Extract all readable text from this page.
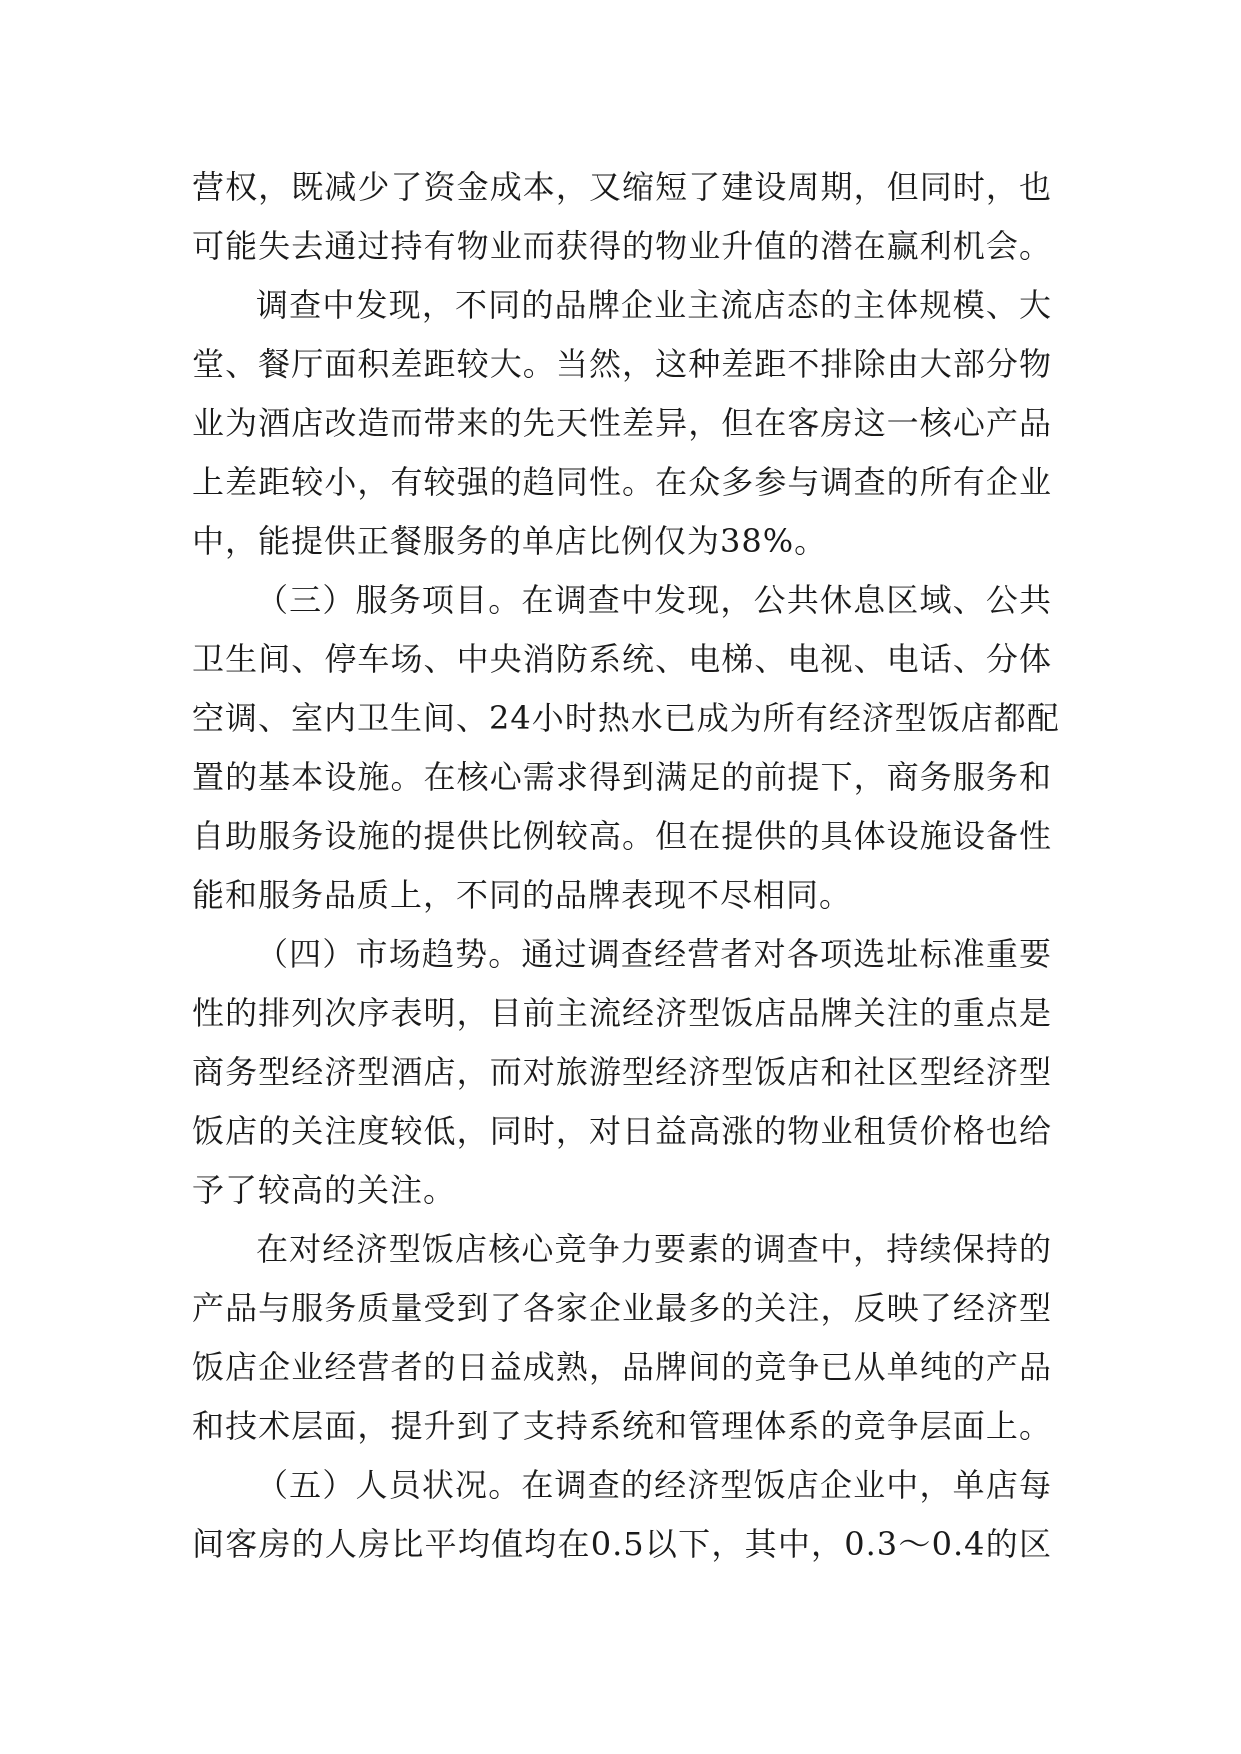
营权，既减少了资金成本，又缩短了建设周期，但同时，也
可能失去通过持有物业而获得的物业升值的潜在赢利机会。
调查中发现，不同的品牌企业主流店态的主体规模、大
堂、餐厅面积差距较大。当然，这种差距不排除由大部分物
业为酒店改造而带来的先天性差异，但在客房这一核心产品
上差距较小，有较强的趋同性。在众多参与调查的所有企业
中，能提供正餐服务的单店比例仅为38%。
（三）服务项目。在调查中发现，公共休息区域、公共
卫生间、停车场、中央消防系统、电梯、电视、电话、分体
空调、室内卫生间、24小时热水已成为所有经济型饭店都配
置的基本设施。在核心需求得到满足的前提下，商务服务和
自助服务设施的提供比例较高。但在提供的具体设施设备性
能和服务品质上，不同的品牌表现不尽相同。
（四）市场趋势。通过调查经营者对各项选址标准重要
性的排列次序表明，目前主流经济型饭店品牌关注的重点是
商务型经济型酒店，而对旅游型经济型饭店和社区型经济型
饭店的关注度较低，同时，对日益高涨的物业租赁价格也给
予了较高的关注。
在对经济型饭店核心竞争力要素的调查中，持续保持的
产品与服务质量受到了各家企业最多的关注，反映了经济型
饭店企业经营者的日益成熟，品牌间的竞争已从单纯的产品
和技术层面，提升到了支持系统和管理体系的竞争层面上。
（五）人员状况。在调查的经济型饭店企业中，单店每
间客房的人房比平均值均在0.5以下，其中，0.3～0.4的区
